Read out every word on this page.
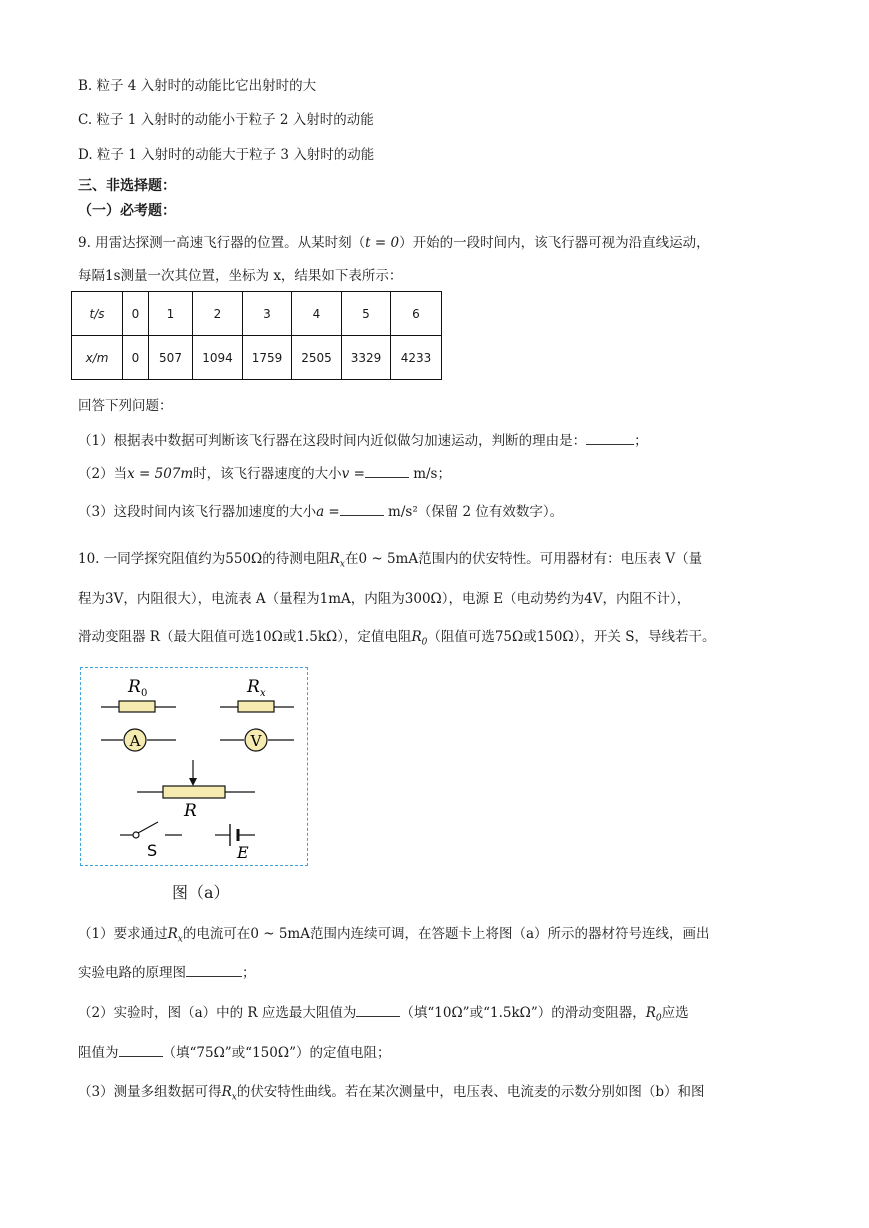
B. 粒子 4 入射时的动能比它出射时的大
C. 粒子 1 入射时的动能小于粒子 2 入射时的动能
D. 粒子 1 入射时的动能大于粒子 3 入射时的动能
三、非选择题：
（一）必考题：
9. 用雷达探测一高速飞行器的位置。从某时刻（t = 0）开始的一段时间内，该飞行器可视为沿直线运动，
每隔1s测量一次其位置，坐标为 x，结果如下表所示：
t/s	0	1	2	3	4	5	6
x/m	0	507	1094	1759	2505	3329	4233
回答下列问题：
（1）根据表中数据可判断该飞行器在这段时间内近似做匀加速运动，判断的理由是：	；
（2）当x = 507m时，该飞行器速度的大小v =	m/s；
（3）这段时间内该飞行器加速度的大小a =	m/s²（保留 2 位有效数字）。
10. 一同学探究阻值约为550Ω的待测电阻$R_x$在0 ~ 5mA范围内的伏安特性。可用器材有：电压表 V（量
程为3V，内阻很大），电流表 A（量程为1mA，内阻为300Ω），电源 E（电动势约为4V，内阻不计），
滑动变阻器 R（最大阻值可选10Ω或1.5kΩ），定值电阻$R_0$（阻值可选75Ω或150Ω），开关 S，导线若干。
R 0	R x
A	V
R
S	E
图（a）
（1）要求通过$R_x$的电流可在0 ~ 5mA范围内连续可调，在答题卡上将图（a）所示的器材符号连线，画出
实验电路的原理图	；
（2）实验时，图（a）中的 R 应选最大阻值为	（填“10Ω”或“1.5kΩ”）的滑动变阻器，$R_0$应选
阻值为	（填“75Ω”或“150Ω”）的定值电阻；
（3）测量多组数据可得$R_x$的伏安特性曲线。若在某次测量中，电压表、电流麦的示数分别如图（b）和图
